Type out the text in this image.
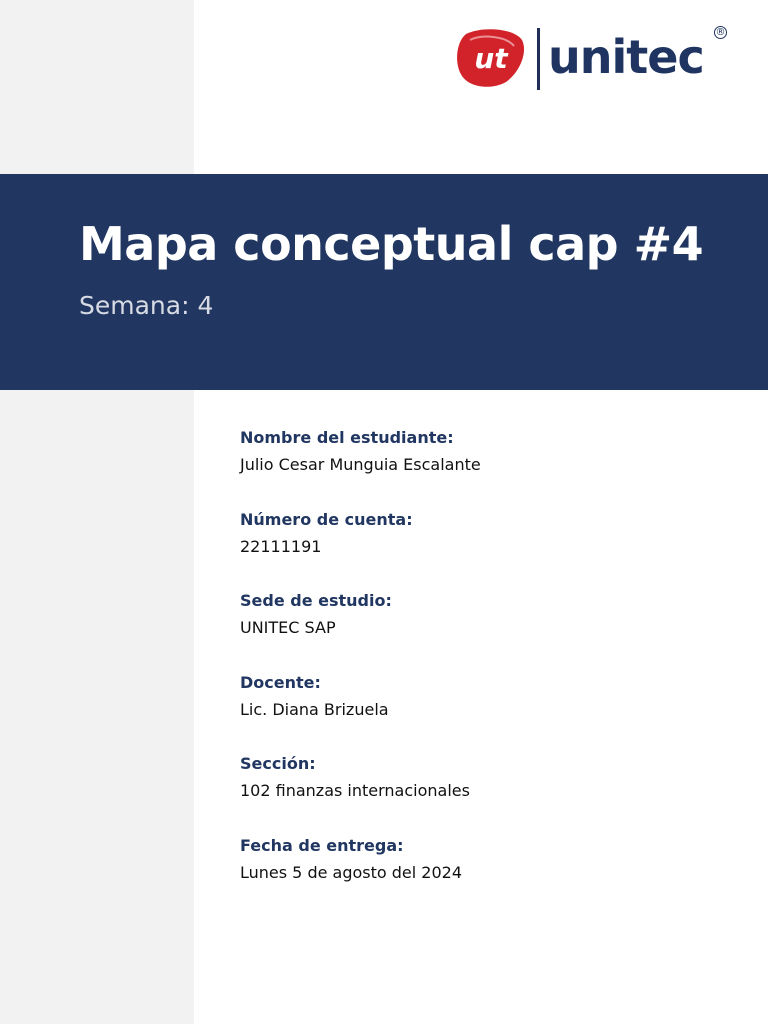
ut unitec ®
Mapa conceptual cap #4
Semana: 4
Nombre del estudiante:
Julio Cesar Munguia Escalante
Número de cuenta:
22111191
Sede de estudio:
UNITEC SAP
Docente:
Lic. Diana Brizuela
Sección:
102 finanzas internacionales
Fecha de entrega:
Lunes 5 de agosto del 2024
